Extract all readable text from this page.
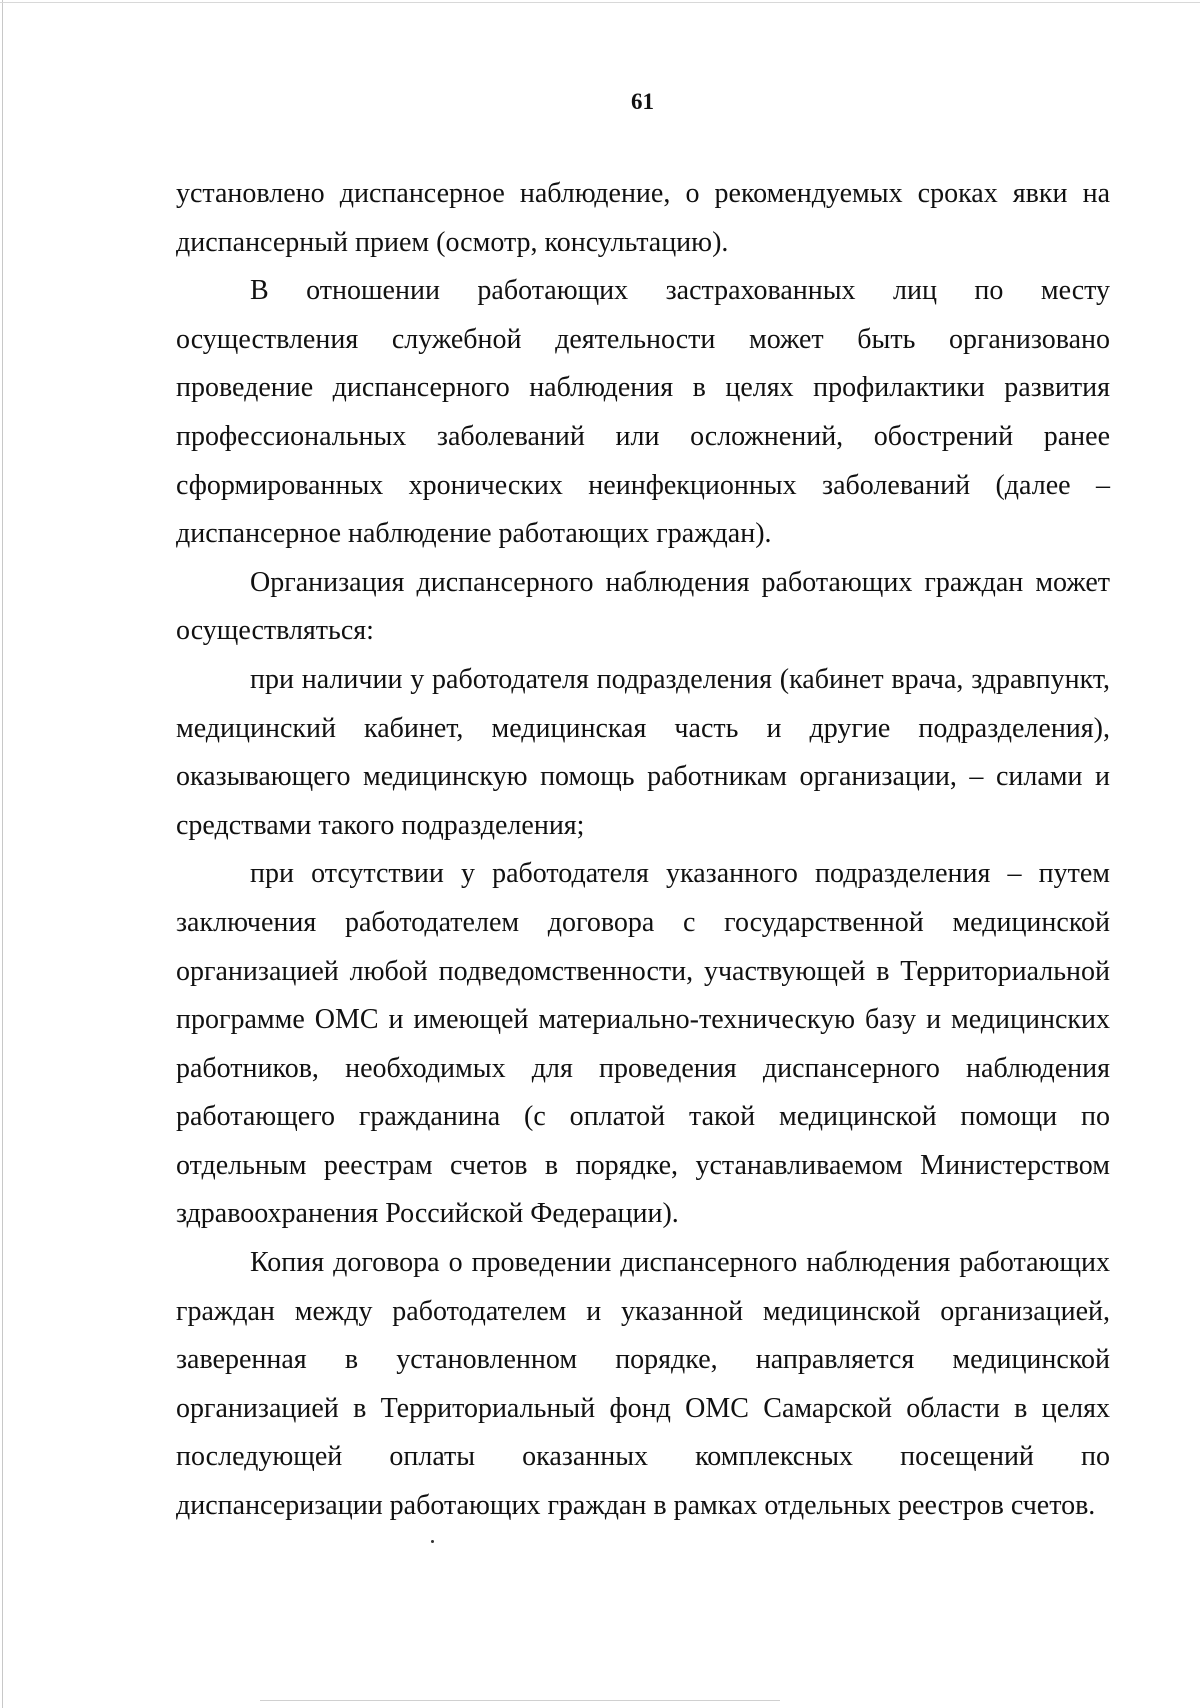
61

установлено диспансерное наблюдение, о рекомендуемых сроках явки на диспансерный прием (осмотр, консультацию).

В отношении работающих застрахованных лиц по месту осуществления служебной деятельности может быть организовано проведение диспансерного наблюдения в целях профилактики развития профессиональных заболеваний или осложнений, обострений ранее сформированных хронических неинфекционных заболеваний (далее – диспансерное наблюдение работающих граждан).

Организация диспансерного наблюдения работающих граждан может осуществляться:

при наличии у работодателя подразделения (кабинет врача, здравпункт, медицинский кабинет, медицинская часть и другие подразделения), оказывающего медицинскую помощь работникам организации, – силами и средствами такого подразделения;

при отсутствии у работодателя указанного подразделения – путем заключения работодателем договора с государственной медицинской организацией любой подведомственности, участвующей в Территориальной программе ОМС и имеющей материально-техническую базу и медицинских работников, необходимых для проведения диспансерного наблюдения работающего гражданина (с оплатой такой медицинской помощи по отдельным реестрам счетов в порядке, устанавливаемом Министерством здравоохранения Российской Федерации).

Копия договора о проведении диспансерного наблюдения работающих граждан между работодателем и указанной медицинской организацией, заверенная в установленном порядке, направляется медицинской организацией в Территориальный фонд ОМС Самарской области в целях последующей оплаты оказанных комплексных посещений по диспансеризации работающих граждан в рамках отдельных реестров счетов.
